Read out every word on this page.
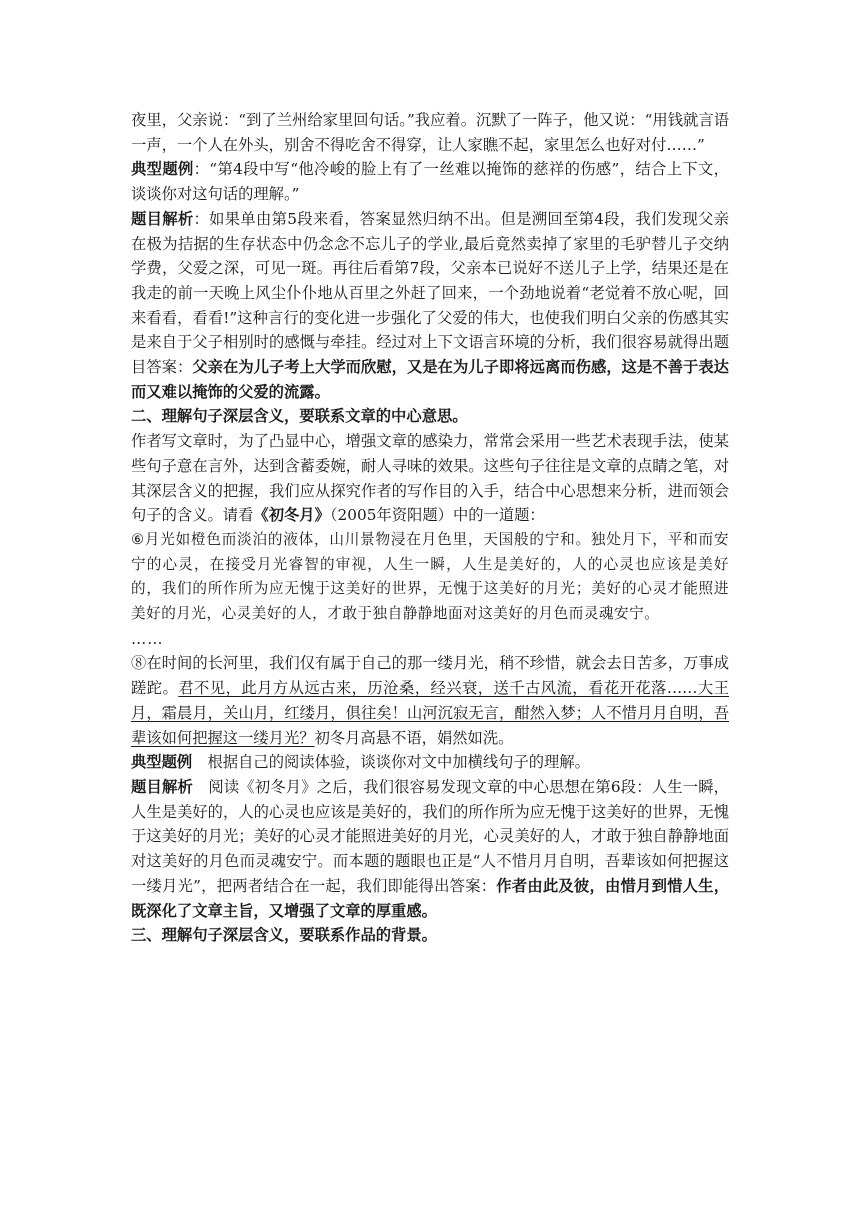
夜里，父亲说：“到了兰州给家里回句话。”我应着。沉默了一阵子，他又说：“用钱就言语一声，一个人在外头，别舍不得吃舍不得穿，让人家瞧不起，家里怎么也好对付……”

典型题例：“第4段中写“他冷峻的脸上有了一丝难以掩饰的慈祥的伤感”，结合上下文，谈谈你对这句话的理解。”

题目解析：如果单由第5段来看，答案显然归纳不出。但是溯回至第4段，我们发现父亲在极为拮据的生存状态中仍念念不忘儿子的学业,最后竟然卖掉了家里的毛驴替儿子交纳学费，父爱之深，可见一斑。再往后看第7段，父亲本已说好不送儿子上学，结果还是在我走的前一天晚上风尘仆仆地从百里之外赶了回来，一个劲地说着“老觉着不放心呢，回来看看，看看!”这种言行的变化进一步强化了父爱的伟大，也使我们明白父亲的伤感其实是来自于父子相别时的感慨与牵挂。经过对上下文语言环境的分析，我们很容易就得出题目答案：父亲在为儿子考上大学而欣慰，又是在为儿子即将远离而伤感，这是不善于表达而又难以掩饰的父爱的流露。

二、理解句子深层含义，要联系文章的中心意思。

作者写文章时，为了凸显中心，增强文章的感染力，常常会采用一些艺术表现手法，使某些句子意在言外，达到含蓄委婉，耐人寻味的效果。这些句子往往是文章的点睛之笔，对其深层含义的把握，我们应从探究作者的写作目的入手，结合中心思想来分析，进而领会句子的含义。请看《初冬月》（2005年资阳题）中的一道题：

⑥月光如橙色而淡泊的液体，山川景物浸在月色里，天国般的宁和。独处月下，平和而安宁的心灵，在接受月光睿智的审视，人生一瞬，人生是美好的，人的心灵也应该是美好的，我们的所作所为应无愧于这美好的世界，无愧于这美好的月光；美好的心灵才能照进美好的月光，心灵美好的人，才敢于独自静静地面对这美好的月色而灵魂安宁。

……

⑧在时间的长河里，我们仅有属于自己的那一缕月光，稍不珍惜，就会去日苦多，万事成蹉跎。君不见，此月方从远古来，历沧桑，经兴衰，送千古风流，看花开花落……大王月，霜晨月，关山月，红缕月，俱往矣！山河沉寂无言，酣然入梦；人不惜月月自明，吾辈该如何把握这一缕月光？初冬月高悬不语，娟然如洗。

典型题例　根据自己的阅读体验，谈谈你对文中加横线句子的理解。

题目解析　阅读《初冬月》之后，我们很容易发现文章的中心思想在第6段：人生一瞬，人生是美好的，人的心灵也应该是美好的，我们的所作所为应无愧于这美好的世界，无愧于这美好的月光；美好的心灵才能照进美好的月光，心灵美好的人，才敢于独自静静地面对这美好的月色而灵魂安宁。而本题的题眼也正是“人不惜月月自明，吾辈该如何把握这一缕月光”，把两者结合在一起，我们即能得出答案：作者由此及彼，由惜月到惜人生，既深化了文章主旨，又增强了文章的厚重感。

三、理解句子深层含义，要联系作品的背景。
